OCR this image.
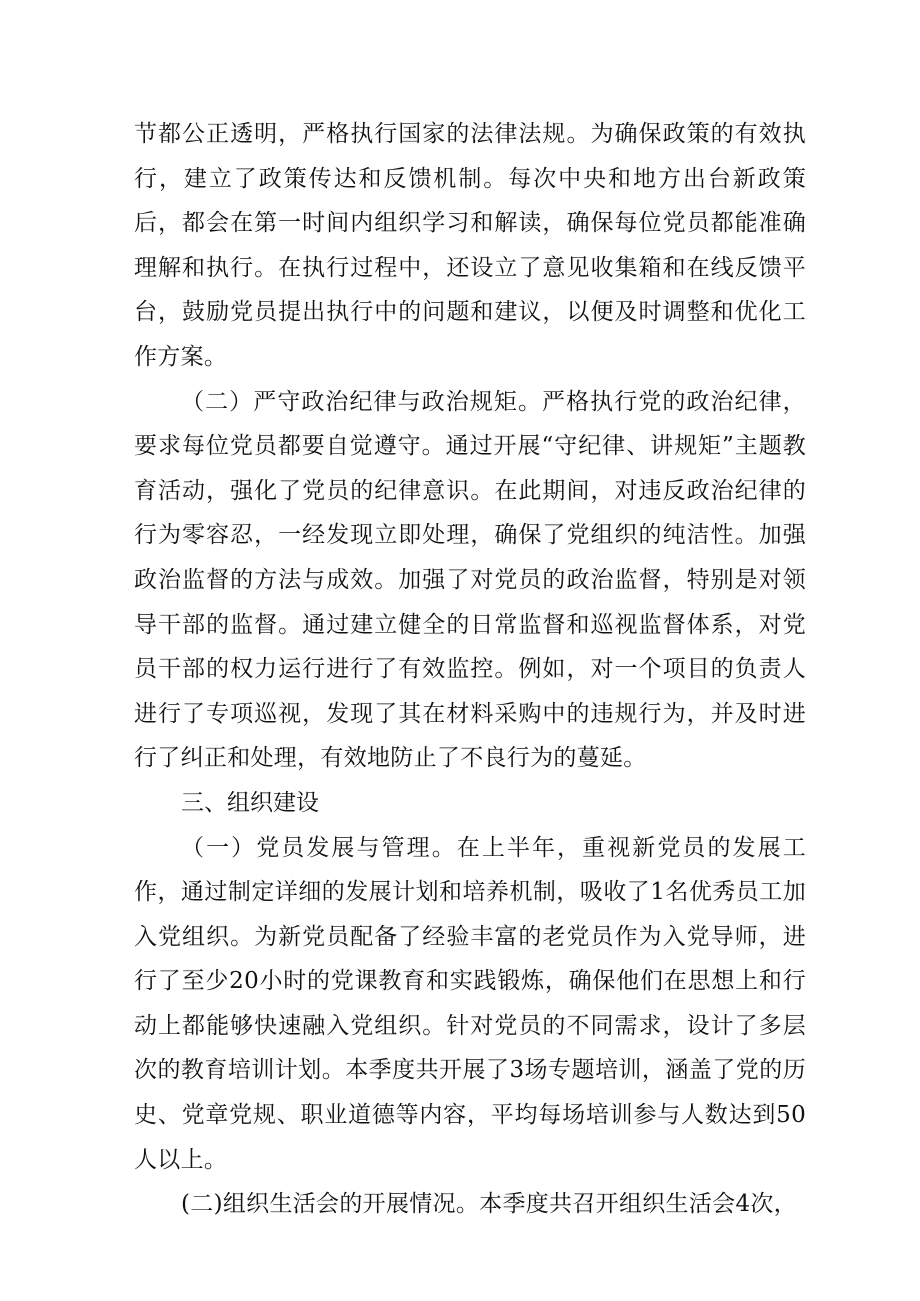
节都公正透明，严格执行国家的法律法规。为确保政策的有效执行，建立了政策传达和反馈机制。每次中央和地方出台新政策后，都会在第一时间内组织学习和解读，确保每位党员都能准确理解和执行。在执行过程中，还设立了意见收集箱和在线反馈平台，鼓励党员提出执行中的问题和建议，以便及时调整和优化工作方案。

（二）严守政治纪律与政治规矩。严格执行党的政治纪律，要求每位党员都要自觉遵守。通过开展“守纪律、讲规矩”主题教育活动，强化了党员的纪律意识。在此期间，对违反政治纪律的行为零容忍，一经发现立即处理，确保了党组织的纯洁性。加强政治监督的方法与成效。加强了对党员的政治监督，特别是对领导干部的监督。通过建立健全的日常监督和巡视监督体系，对党员干部的权力运行进行了有效监控。例如，对一个项目的负责人进行了专项巡视，发现了其在材料采购中的违规行为，并及时进行了纠正和处理，有效地防止了不良行为的蔓延。

三、组织建设

（一）党员发展与管理。在上半年，重视新党员的发展工作，通过制定详细的发展计划和培养机制，吸收了1名优秀员工加入党组织。为新党员配备了经验丰富的老党员作为入党导师，进行了至少20小时的党课教育和实践锻炼，确保他们在思想上和行动上都能够快速融入党组织。针对党员的不同需求，设计了多层次的教育培训计划。本季度共开展了3场专题培训，涵盖了党的历史、党章党规、职业道德等内容，平均每场培训参与人数达到50人以上。

(二)组织生活会的开展情况。本季度共召开组织生活会4次，
